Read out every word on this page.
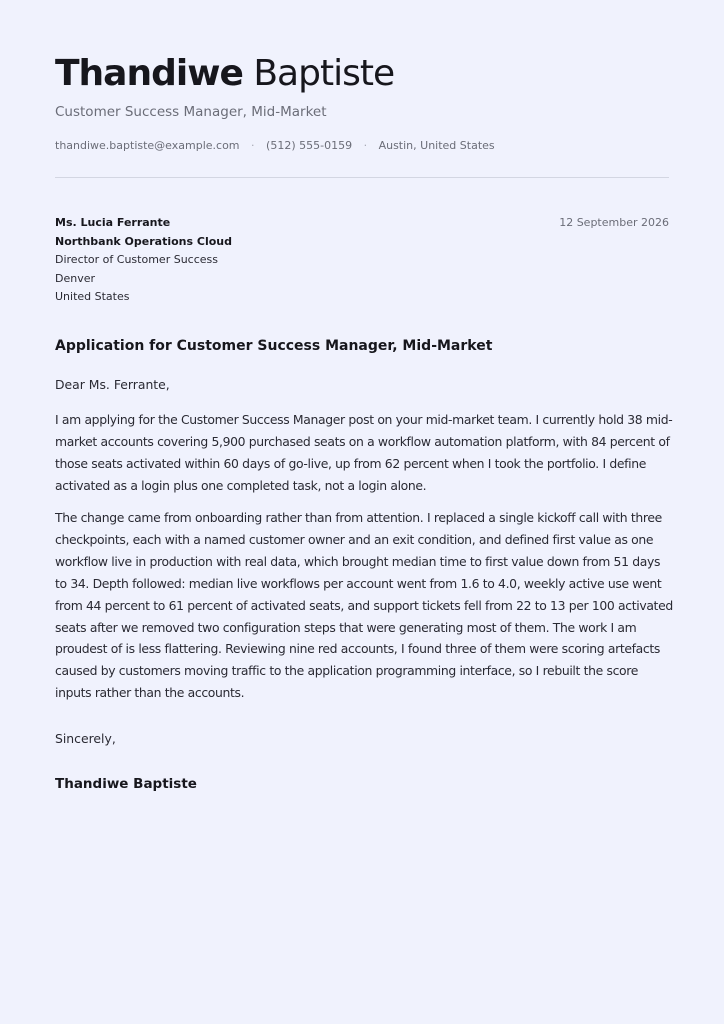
Thandiwe Baptiste
Customer Success Manager, Mid-Market
thandiwe.baptiste@example.com · (512) 555-0159 · Austin, United States
Ms. Lucia Ferrante
Northbank Operations Cloud
Director of Customer Success
Denver
United States
12 September 2026
Application for Customer Success Manager, Mid-Market
Dear Ms. Ferrante,

I am applying for the Customer Success Manager post on your mid-market team. I currently hold 38 mid-market accounts covering 5,900 purchased seats on a workflow automation platform, with 84 percent of those seats activated within 60 days of go-live, up from 62 percent when I took the portfolio. I define activated as a login plus one completed task, not a login alone.

The change came from onboarding rather than from attention. I replaced a single kickoff call with three checkpoints, each with a named customer owner and an exit condition, and defined first value as one workflow live in production with real data, which brought median time to first value down from 51 days to 34. Depth followed: median live workflows per account went from 1.6 to 4.0, weekly active use went from 44 percent to 61 percent of activated seats, and support tickets fell from 22 to 13 per 100 activated seats after we removed two configuration steps that were generating most of them. The work I am proudest of is less flattering. Reviewing nine red accounts, I found three of them were scoring artefacts caused by customers moving traffic to the application programming interface, so I rebuilt the score inputs rather than the accounts.

Sincerely,
Thandiwe Baptiste
